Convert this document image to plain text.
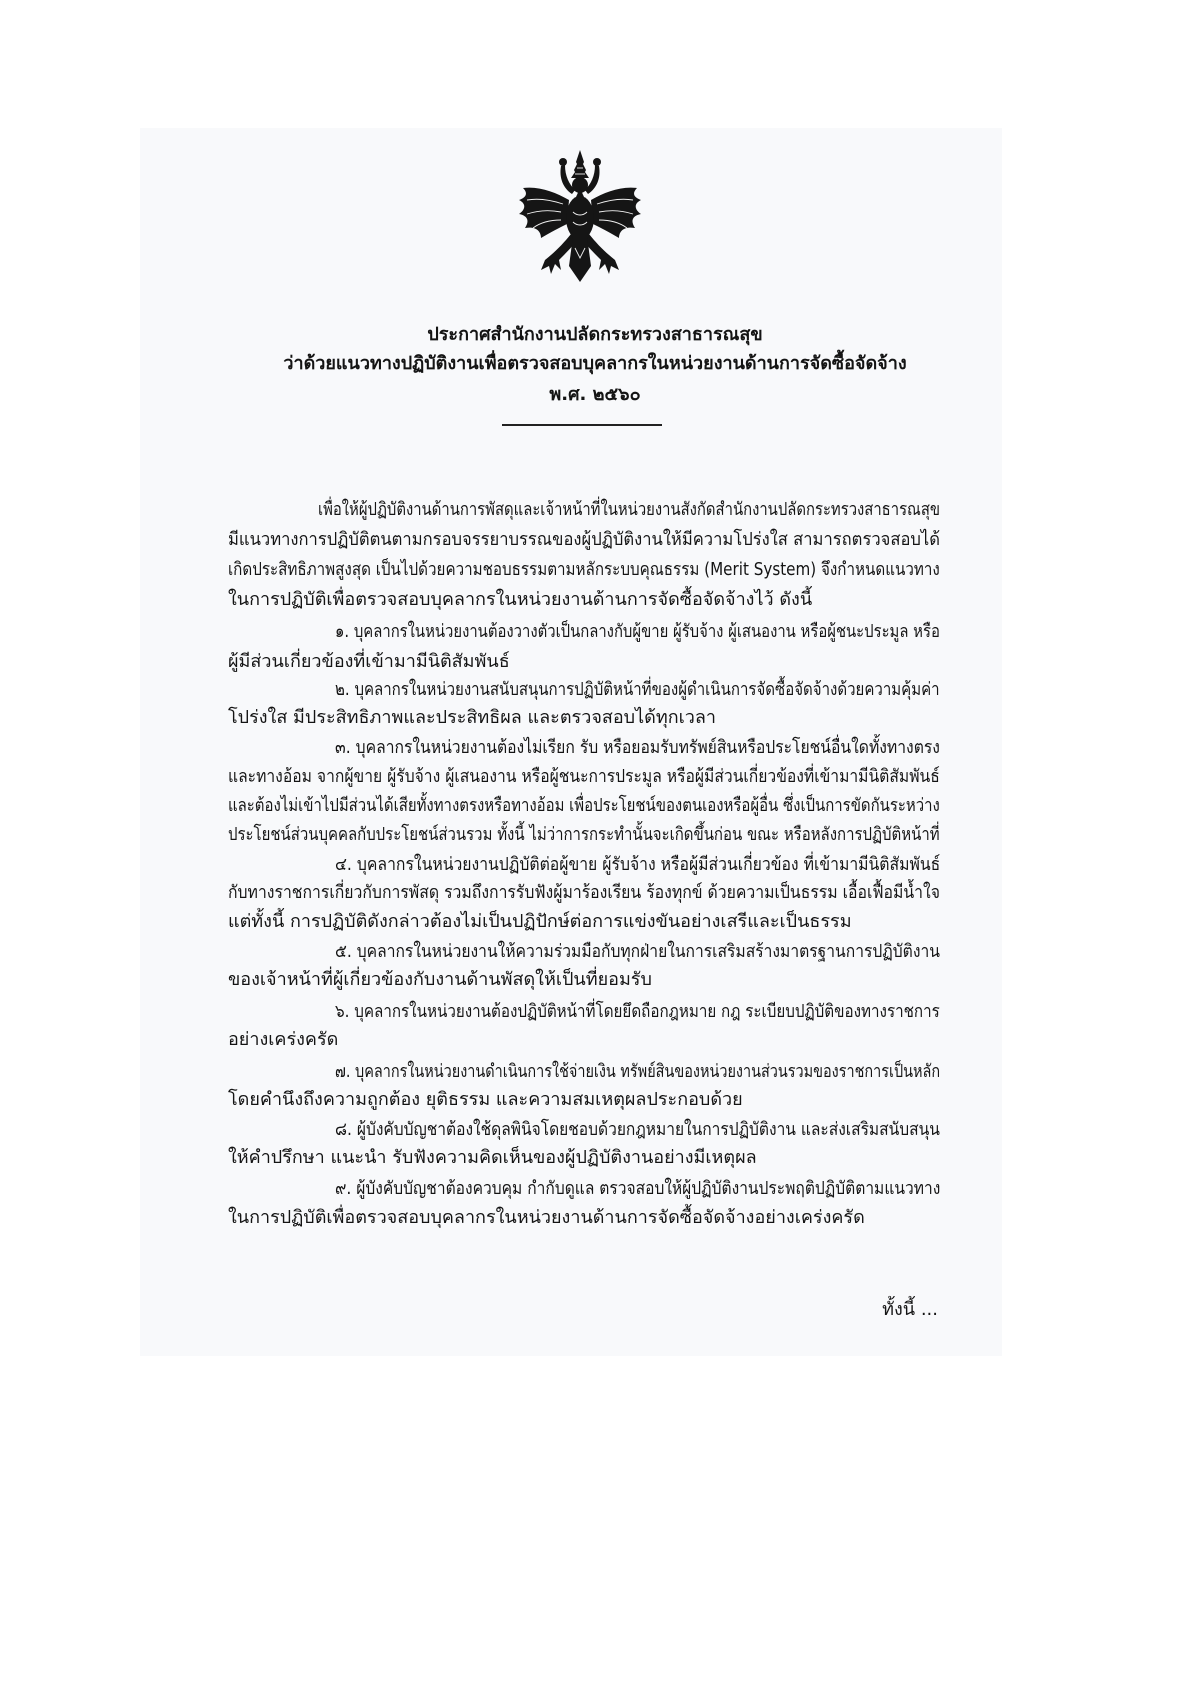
ประกาศสำนักงานปลัดกระทรวงสาธารณสุข
ว่าด้วยแนวทางปฏิบัติงานเพื่อตรวจสอบบุคลากรในหน่วยงานด้านการจัดซื้อจัดจ้าง
พ.ศ. ๒๕๖๐
เพื่อให้ผู้ปฏิบัติงานด้านการพัสดุและเจ้าหน้าที่ในหน่วยงานสังกัดสำนักงานปลัดกระทรวงสาธารณสุข
มีแนวทางการปฏิบัติตนตามกรอบจรรยาบรรณของผู้ปฏิบัติงานให้มีความโปร่งใส สามารถตรวจสอบได้
เกิดประสิทธิภาพสูงสุด เป็นไปด้วยความชอบธรรมตามหลักระบบคุณธรรม (Merit System) จึงกำหนดแนวทาง
ในการปฏิบัติเพื่อตรวจสอบบุคลากรในหน่วยงานด้านการจัดซื้อจัดจ้างไว้ ดังนี้
๑. บุคลากรในหน่วยงานต้องวางตัวเป็นกลางกับผู้ขาย ผู้รับจ้าง ผู้เสนองาน หรือผู้ชนะประมูล หรือ
ผู้มีส่วนเกี่ยวข้องที่เข้ามามีนิติสัมพันธ์
๒. บุคลากรในหน่วยงานสนับสนุนการปฏิบัติหน้าที่ของผู้ดำเนินการจัดซื้อจัดจ้างด้วยความคุ้มค่า
โปร่งใส มีประสิทธิภาพและประสิทธิผล และตรวจสอบได้ทุกเวลา
๓. บุคลากรในหน่วยงานต้องไม่เรียก รับ หรือยอมรับทรัพย์สินหรือประโยชน์อื่นใดทั้งทางตรง
และทางอ้อม จากผู้ขาย ผู้รับจ้าง ผู้เสนองาน หรือผู้ชนะการประมูล หรือผู้มีส่วนเกี่ยวข้องที่เข้ามามีนิติสัมพันธ์
และต้องไม่เข้าไปมีส่วนได้เสียทั้งทางตรงหรือทางอ้อม เพื่อประโยชน์ของตนเองหรือผู้อื่น ซึ่งเป็นการขัดกันระหว่าง
ประโยชน์ส่วนบุคคลกับประโยชน์ส่วนรวม ทั้งนี้ ไม่ว่าการกระทำนั้นจะเกิดขึ้นก่อน ขณะ หรือหลังการปฏิบัติหน้าที่
๔. บุคลากรในหน่วยงานปฏิบัติต่อผู้ขาย ผู้รับจ้าง หรือผู้มีส่วนเกี่ยวข้อง ที่เข้ามามีนิติสัมพันธ์
กับทางราชการเกี่ยวกับการพัสดุ รวมถึงการรับฟังผู้มาร้องเรียน ร้องทุกข์ ด้วยความเป็นธรรม เอื้อเฟื้อมีน้ำใจ
แต่ทั้งนี้ การปฏิบัติดังกล่าวต้องไม่เป็นปฏิปักษ์ต่อการแข่งขันอย่างเสรีและเป็นธรรม
๕. บุคลากรในหน่วยงานให้ความร่วมมือกับทุกฝ่ายในการเสริมสร้างมาตรฐานการปฏิบัติงาน
ของเจ้าหน้าที่ผู้เกี่ยวข้องกับงานด้านพัสดุให้เป็นที่ยอมรับ
๖. บุคลากรในหน่วยงานต้องปฏิบัติหน้าที่โดยยึดถือกฎหมาย กฎ ระเบียบปฏิบัติของทางราชการ
อย่างเคร่งครัด
๗. บุคลากรในหน่วยงานดำเนินการใช้จ่ายเงิน ทรัพย์สินของหน่วยงานส่วนรวมของราชการเป็นหลัก
โดยคำนึงถึงความถูกต้อง ยุติธรรม และความสมเหตุผลประกอบด้วย
๘. ผู้บังคับบัญชาต้องใช้ดุลพินิจโดยชอบด้วยกฎหมายในการปฏิบัติงาน และส่งเสริมสนับสนุน
ให้คำปรึกษา แนะนำ รับฟังความคิดเห็นของผู้ปฏิบัติงานอย่างมีเหตุผล
๙. ผู้บังคับบัญชาต้องควบคุม กำกับดูแล ตรวจสอบให้ผู้ปฏิบัติงานประพฤติปฏิบัติตามแนวทาง
ในการปฏิบัติเพื่อตรวจสอบบุคลากรในหน่วยงานด้านการจัดซื้อจัดจ้างอย่างเคร่งครัด
ทั้งนี้ ...
